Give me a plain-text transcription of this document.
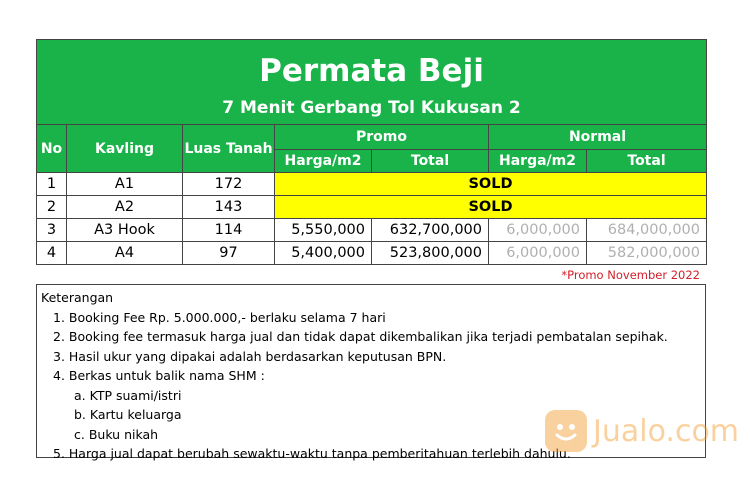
Permata Beji
7 Menit Gerbang Tol Kukusan 2						

No	Kavling	Luas Tanah	Promo		Normal	
			Harga/m2	Total	Harga/m2	Total
1	A1	172	SOLD			
2	A2	143	SOLD			
3	A3 Hook	114	5,550,000	632,700,000	6,000,000	684,000,000
4	A4	97	5,400,000	523,800,000	6,000,000	582,000,000
*Promo November 2022
Keterangan
1. Booking Fee Rp. 5.000.000,- berlaku selama 7 hari
2. Booking fee termasuk harga jual dan tidak dapat dikembalikan jika terjadi pembatalan sepihak.
3. Hasil ukur yang dipakai adalah berdasarkan keputusan BPN.
4. Berkas untuk balik nama SHM :
a. KTP suami/istri
b. Kartu keluarga
c. Buku nikah
5. Harga jual dapat berubah sewaktu-waktu tanpa pemberitahuan terlebih dahulu.
Jualo.com
